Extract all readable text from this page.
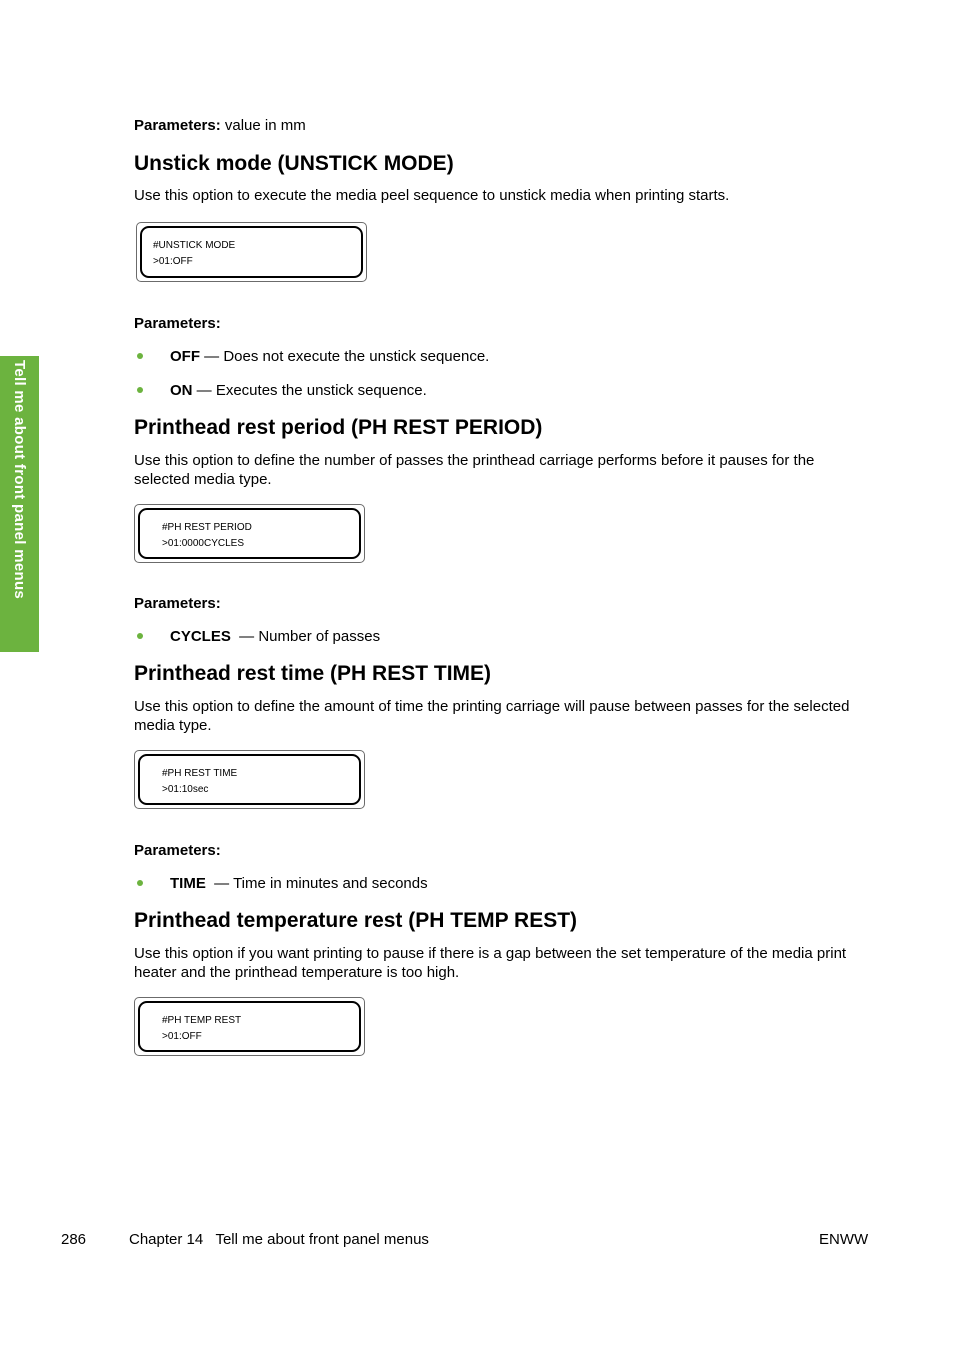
Tell me about front panel menus
Parameters: value in mm
Unstick mode (UNSTICK MODE)
Use this option to execute the media peel sequence to unstick media when printing starts.
#UNSTICK MODE
>01:OFF
Parameters:
OFF — Does not execute the unstick sequence.
ON — Executes the unstick sequence.
Printhead rest period (PH REST PERIOD)
Use this option to define the number of passes the printhead carriage performs before it pauses for the selected media type.
#PH REST PERIOD
>01:0000CYCLES
Parameters:
CYCLES  — Number of passes
Printhead rest time (PH REST TIME)
Use this option to define the amount of time the printing carriage will pause between passes for the selected media type.
#PH REST TIME
>01:10sec
Parameters:
TIME  — Time in minutes and seconds
Printhead temperature rest (PH TEMP REST)
Use this option if you want printing to pause if there is a gap between the set temperature of the media print heater and the printhead temperature is too high.
#PH TEMP REST
>01:OFF
286	Chapter 14   Tell me about front panel menus	ENWW
